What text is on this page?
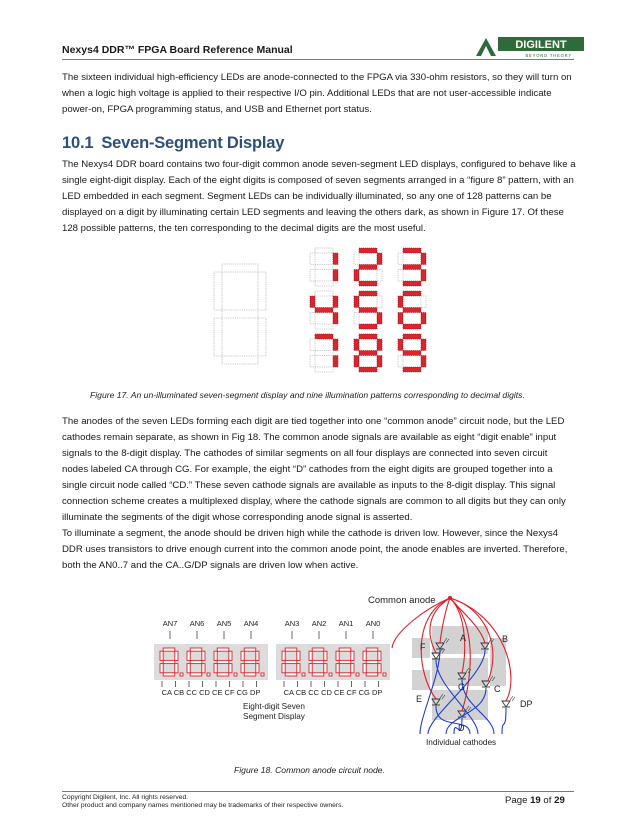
Nexys4 DDR™ FPGA Board Reference Manual	DIGILENT
BEYOND THEORY
The sixteen individual high-efficiency LEDs are anode-connected to the FPGA via 330-ohm resistors, so they will turn on when a logic high voltage is applied to their respective I/O pin. Additional LEDs that are not user-accessible indicate power-on, FPGA programming status, and USB and Ethernet port status.
10.1 Seven-Segment Display
The Nexys4 DDR board contains two four-digit common anode seven-segment LED displays, configured to behave like a single eight-digit display. Each of the eight digits is composed of seven segments arranged in a “figure 8” pattern, with an LED embedded in each segment. Segment LEDs can be individually illuminated, so any one of 128 patterns can be displayed on a digit by illuminating certain LED segments and leaving the others dark, as shown in Figure 17. Of these 128 possible patterns, the ten corresponding to the decimal digits are the most useful.
Figure 17. An un-illuminated seven-segment display and nine illumination patterns corresponding to decimal digits.
The anodes of the seven LEDs forming each digit are tied together into one “common anode” circuit node, but the LED cathodes remain separate, as shown in Fig 18. The common anode signals are available as eight “digit enable” input signals to the 8-digit display. The cathodes of similar segments on all four displays are connected into seven circuit nodes labeled CA through CG. For example, the eight “D” cathodes from the eight digits are grouped together into a single circuit node called “CD.” These seven cathode signals are available as inputs to the 8-digit display. This signal connection scheme creates a multiplexed display, where the cathode signals are common to all digits but they can only illuminate the segments of the digit whose corresponding anode signal is asserted.
To illuminate a segment, the anode should be driven high while the cathode is driven low. However, since the Nexys4 DDR uses transistors to drive enough current into the common anode point, the anode enables are inverted. Therefore, both the AN0..7 and the CA..G/DP signals are driven low when active.
AN7 AN6 AN5 AN4
CA CB CC CD CE CF CG DP
AN3 AN2 AN1 AN0
CA CB CC CD CE CF CG DP
A	B
C
D
E
F
G
DP
Common anode
Eight-digit Seven
Segment Display
Individual cathodes
Figure 18. Common anode circuit node.
Copyright Digilent, Inc. All rights reserved.
Other product and company names mentioned may be trademarks of their respective owners.	Page 19 of 29
